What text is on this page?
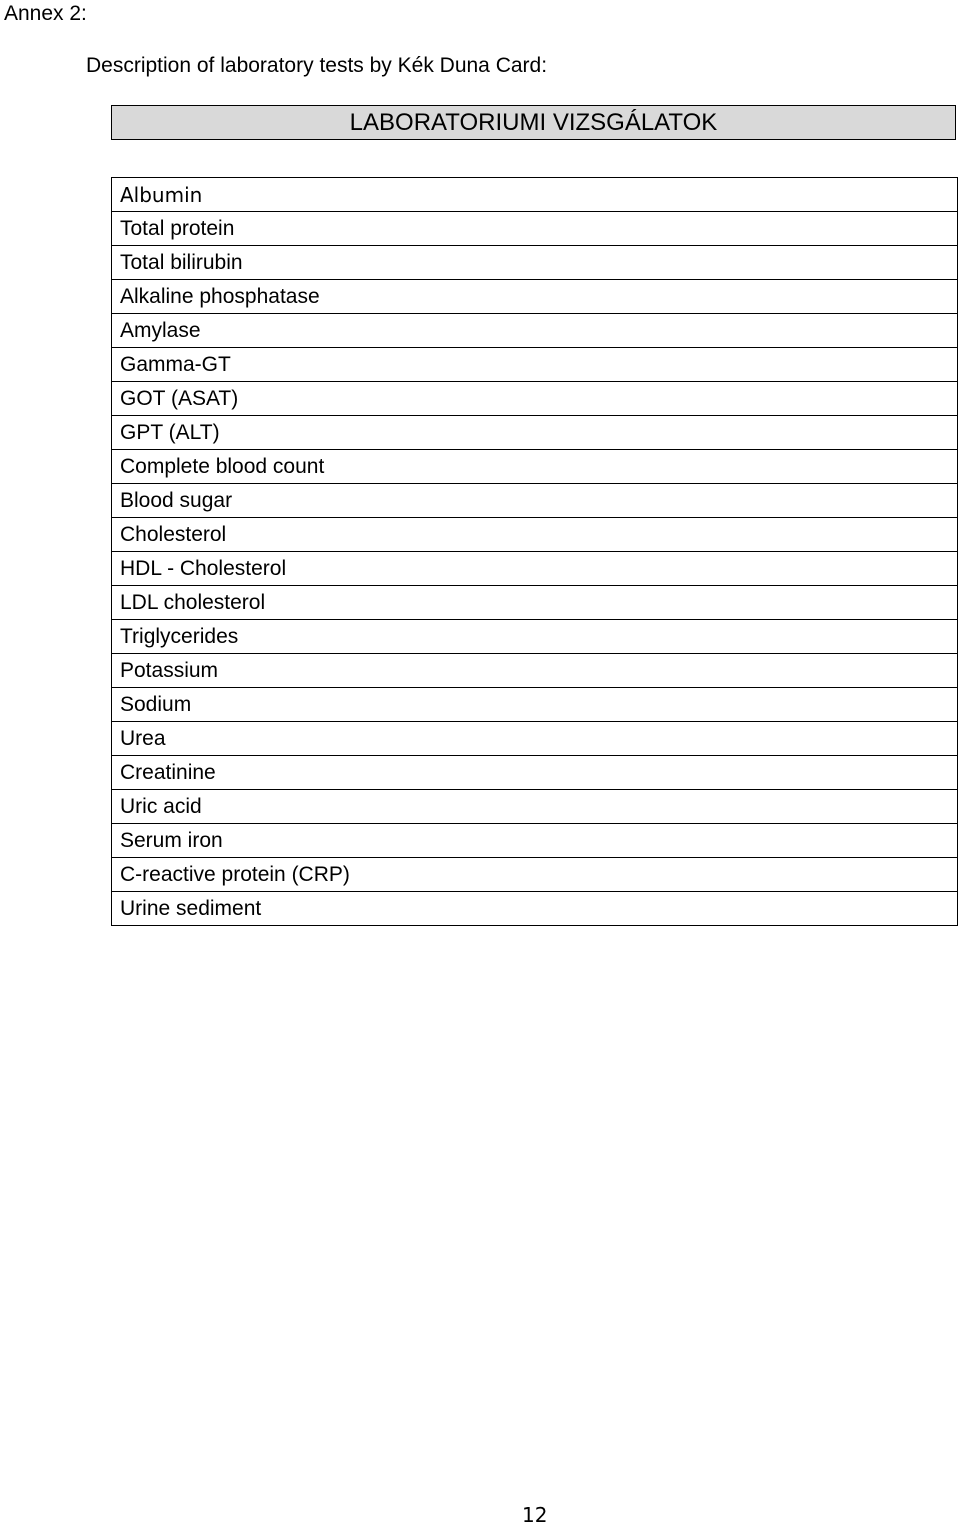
Annex 2:
Description of laboratory tests by Kék Duna Card:
LABORATORIUMI VIZSGÁLATOK
Albumin
Total protein
Total bilirubin
Alkaline phosphatase
Amylase
Gamma-GT
GOT (ASAT)
GPT (ALT)
Complete blood count
Blood sugar
Cholesterol
HDL - Cholesterol
LDL cholesterol
Triglycerides
Potassium
Sodium
Urea
Creatinine
Uric acid
Serum iron
C-reactive protein (CRP)
Urine sediment
12
